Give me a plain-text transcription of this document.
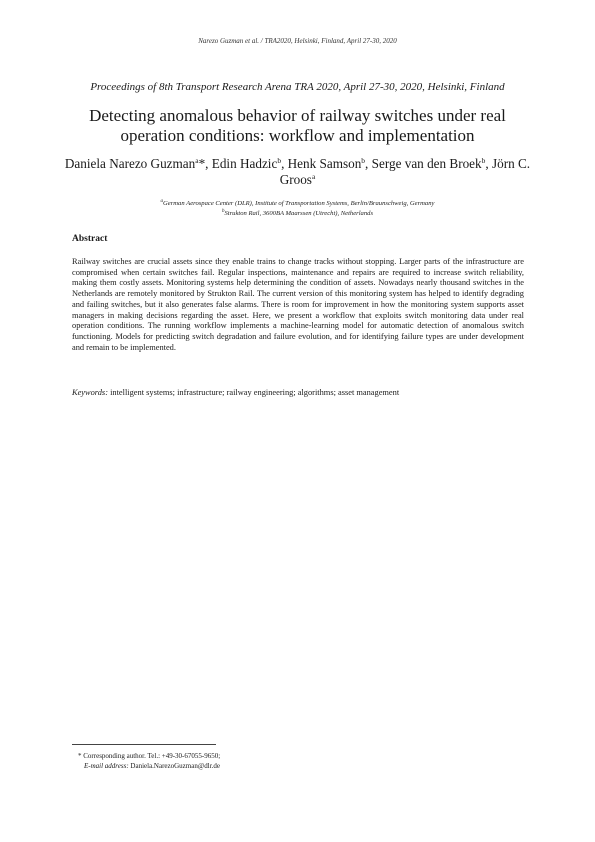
Narezo Guzman et al. / TRA2020, Helsinki, Finland, April 27-30, 2020
Proceedings of 8th Transport Research Arena TRA 2020, April 27-30, 2020, Helsinki, Finland
Detecting anomalous behavior of railway switches under real operation conditions: workflow and implementation
Daniela Narezo Guzman$^a$*, Edin Hadzic$^b$, Henk Samson$^b$, Serge van den Broek$^b$, Jörn C. Groos$^a$
$^a$German Aerospace Center (DLR), Institute of Transportation Systems, Berlin/Braunschweig, Germany
$^b$Strukton Rail, 3600BA Maarssen (Utrecht), Netherlands
Abstract
Railway switches are crucial assets since they enable trains to change tracks without stopping. Larger parts of the infrastructure are compromised when certain switches fail. Regular inspections, maintenance and repairs are required to increase switch reliability, making them costly assets. Monitoring systems help determining the condition of assets. Nowadays nearly thousand switches in the Netherlands are remotely monitored by Strukton Rail. The current version of this monitoring system has helped to identify degrading and failing switches, but it also generates false alarms. There is room for improvement in how the monitoring system supports asset managers in making decisions regarding the asset. Here, we present a workflow that exploits switch monitoring data under real operation conditions. The running workflow implements a machine-learning model for automatic detection of anomalous switch functioning. Models for predicting switch degradation and failure evolution, and for identifying failure types are under development and remain to be implemented.
Keywords: intelligent systems; infrastructure; railway engineering; algorithms; asset management
* Corresponding author. Tel.: +49-30-67055-9650;
E-mail address: Daniela.NarezoGuzman@dlr.de
